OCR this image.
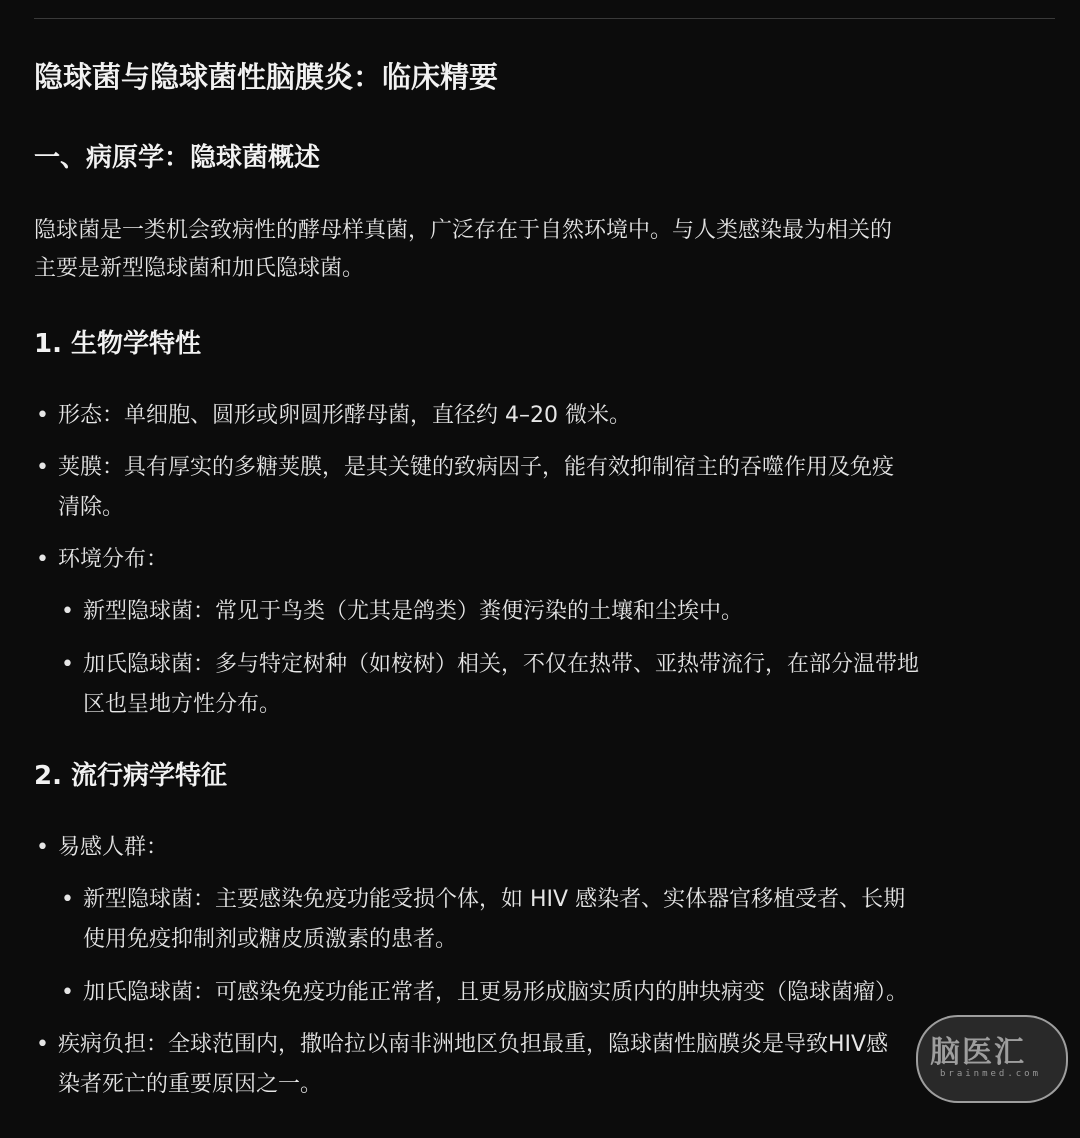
隐球菌与隐球菌性脑膜炎：临床精要
一、病原学：隐球菌概述
隐球菌是一类机会致病性的酵母样真菌，广泛存在于自然环境中。与人类感染最为相关的
主要是新型隐球菌和加氏隐球菌。
1. 生物学特性
• 形态：单细胞、圆形或卵圆形酵母菌，直径约 4–20 微米。
• 荚膜：具有厚实的多糖荚膜，是其关键的致病因子，能有效抑制宿主的吞噬作用及免疫
清除。
• 环境分布：
• 新型隐球菌：常见于鸟类（尤其是鸽类）粪便污染的土壤和尘埃中。
• 加氏隐球菌：多与特定树种（如桉树）相关，不仅在热带、亚热带流行，在部分温带地
区也呈地方性分布。
2. 流行病学特征
• 易感人群：
• 新型隐球菌：主要感染免疫功能受损个体，如 HIV 感染者、实体器官移植受者、长期
使用免疫抑制剂或糖皮质激素的患者。
• 加氏隐球菌：可感染免疫功能正常者，且更易形成脑实质内的肿块病变（隐球菌瘤）。
• 疾病负担：全球范围内，撒哈拉以南非洲地区负担最重，隐球菌性脑膜炎是导致HIV感
染者死亡的重要原因之一。
脑医汇
brainmed.com
